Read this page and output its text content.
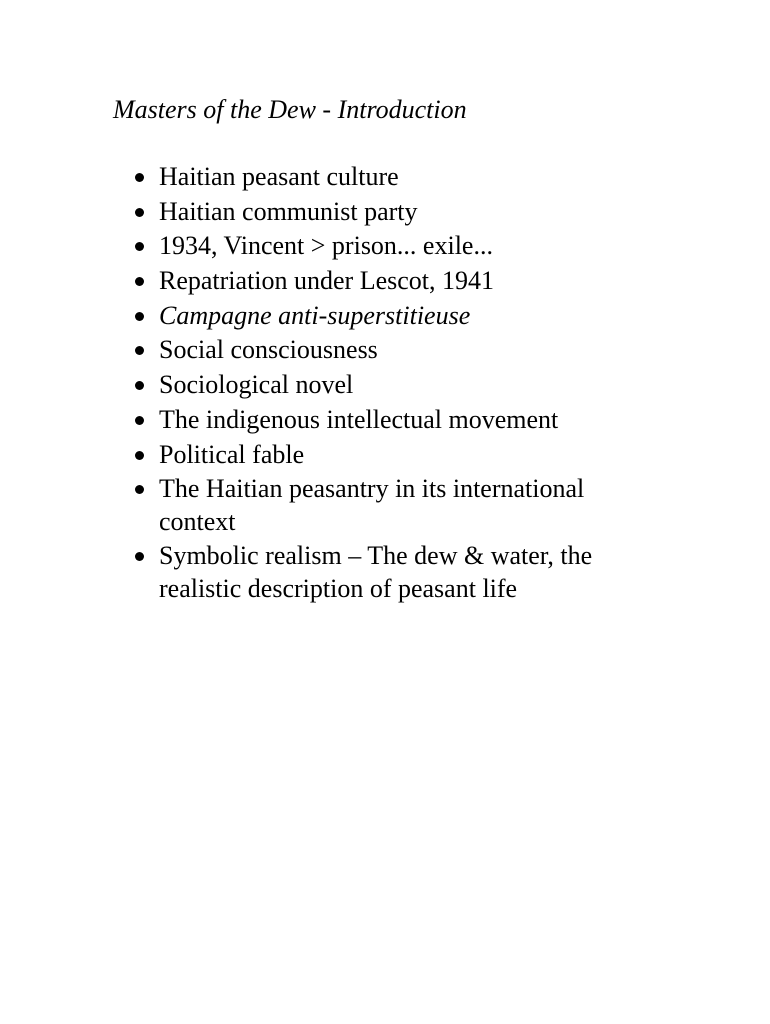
Masters of the Dew - Introduction
Haitian peasant culture
Haitian communist party
1934, Vincent > prison... exile...
Repatriation under Lescot, 1941
Campagne anti-superstitieuse
Social consciousness
Sociological novel
The indigenous intellectual movement
Political fable
The Haitian peasantry in its international context
Symbolic realism – The dew & water, the realistic description of peasant life
